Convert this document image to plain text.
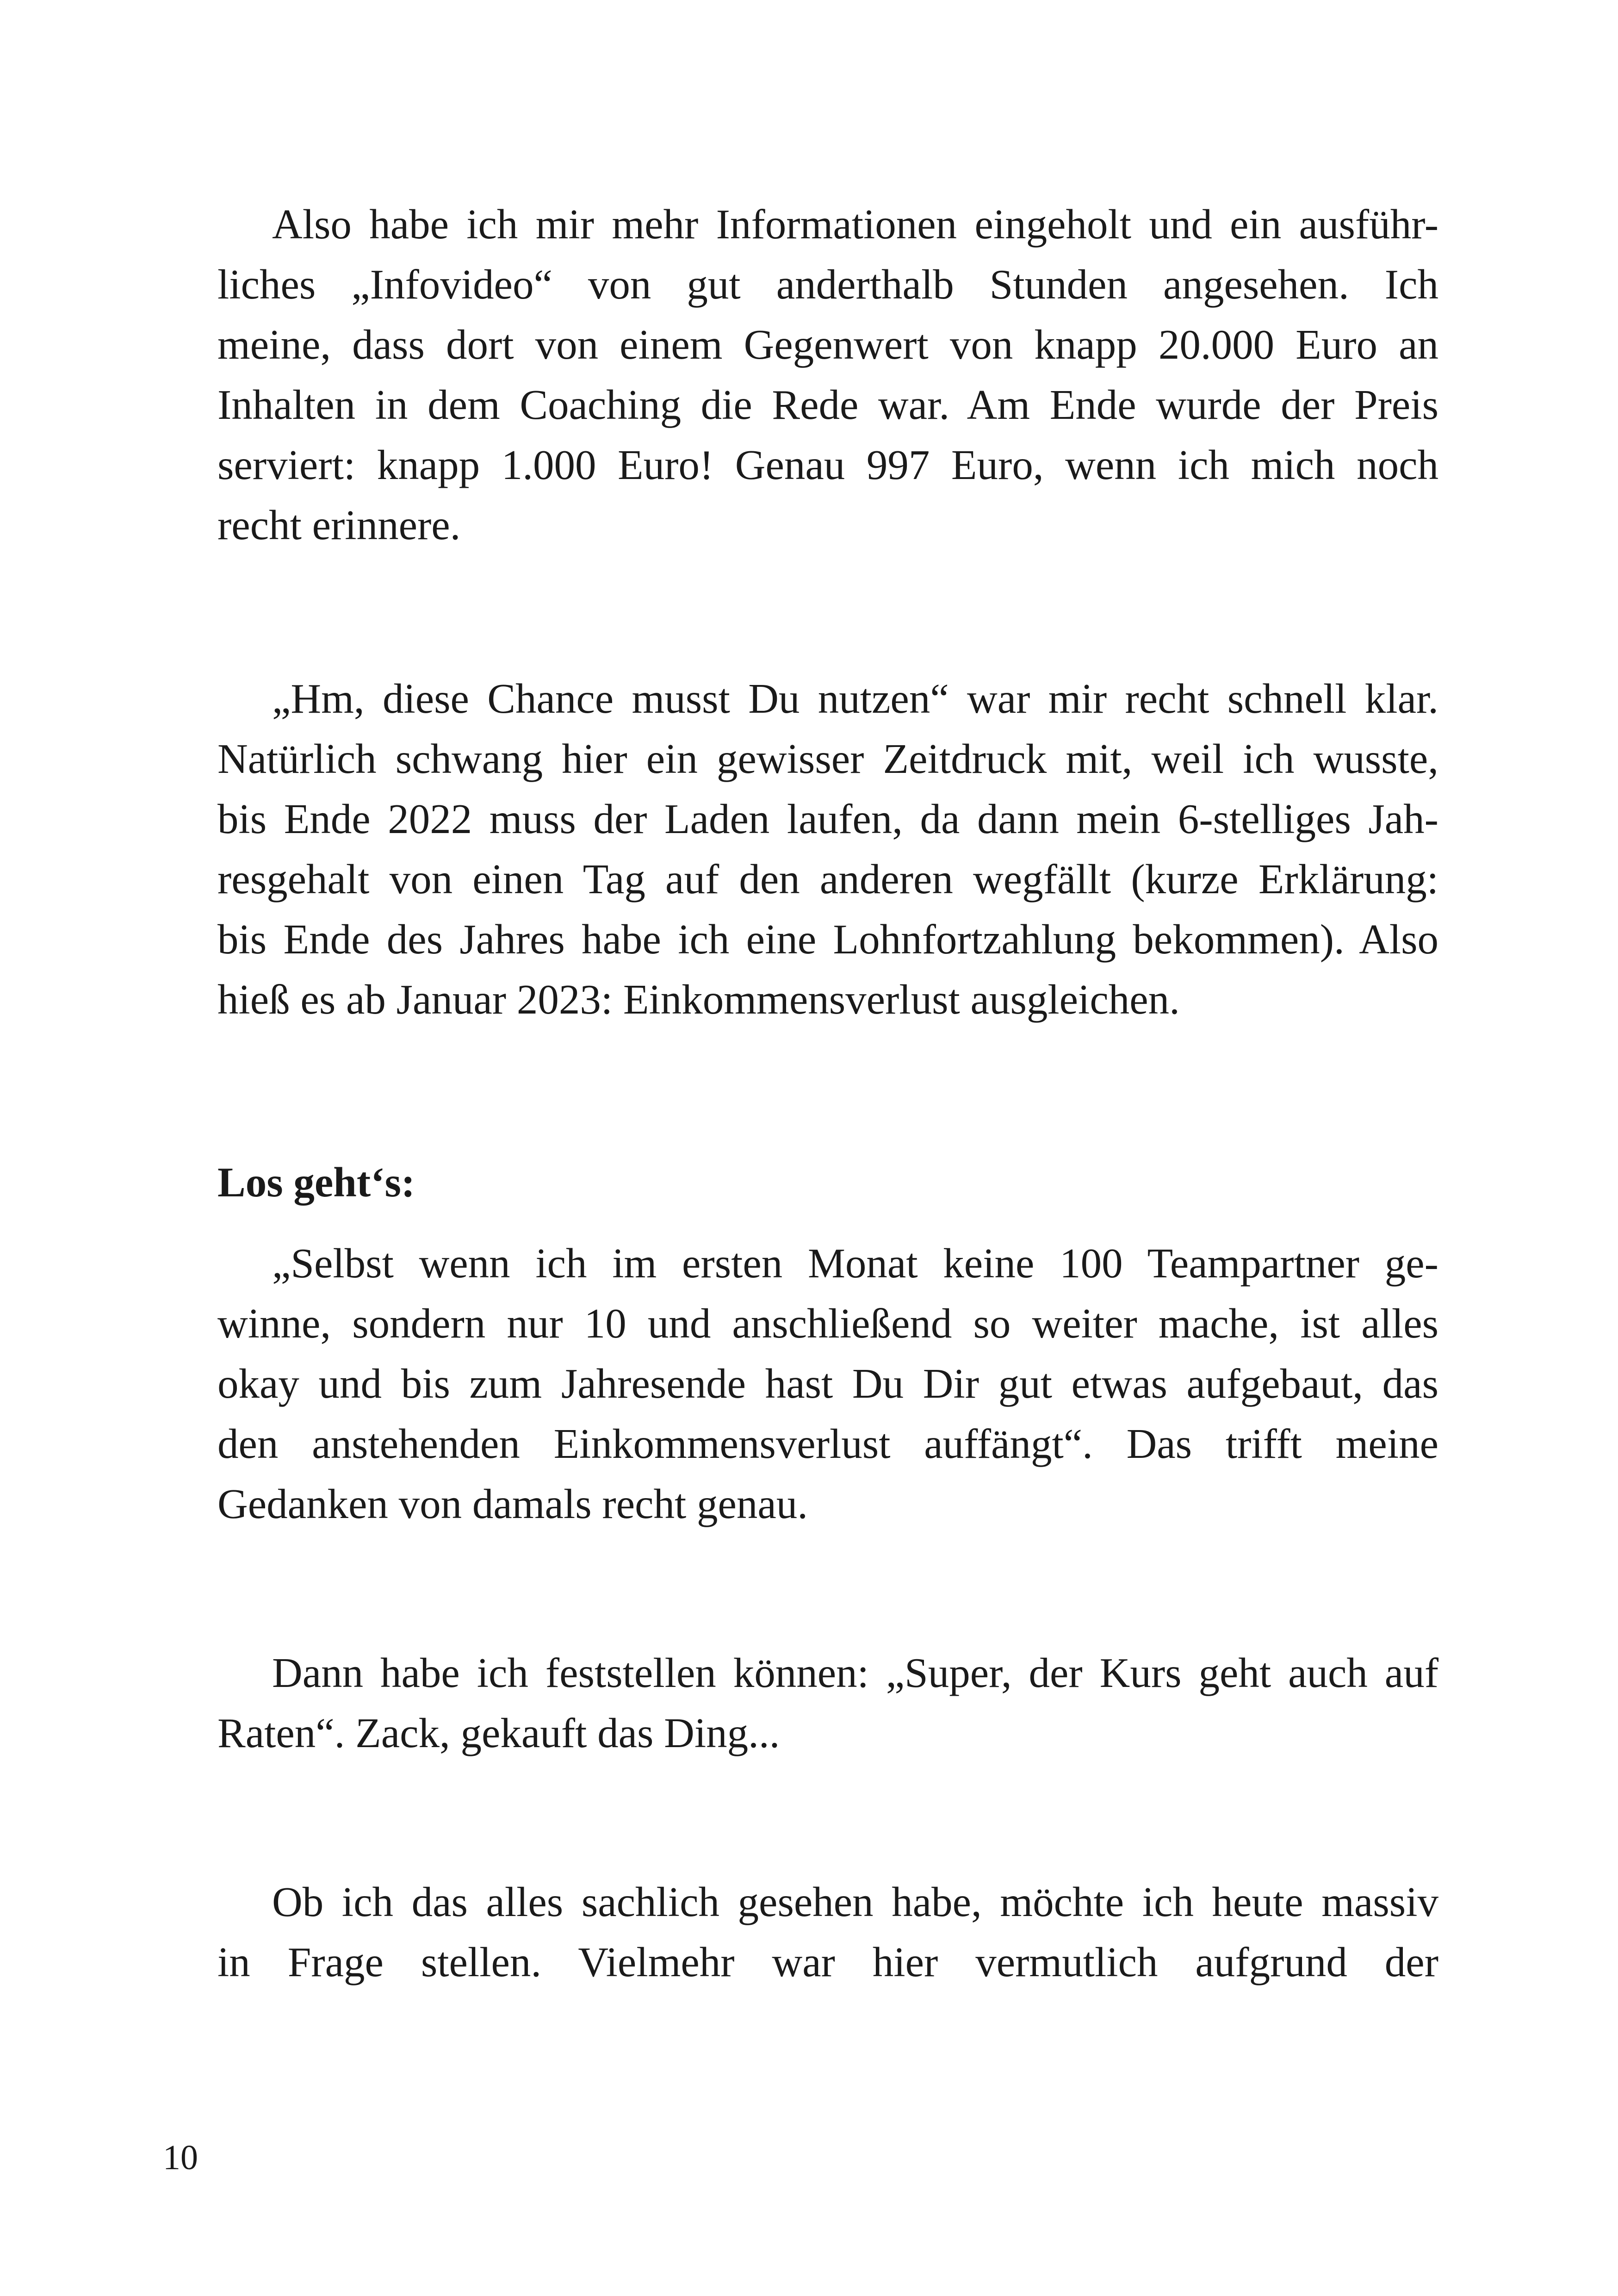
Also habe ich mir mehr Informationen eingeholt und ein ausführ-
liches „Infovideo“ von gut anderthalb Stunden angesehen. Ich
meine, dass dort von einem Gegenwert von knapp 20.000 Euro an
Inhalten in dem Coaching die Rede war. Am Ende wurde der Preis
serviert: knapp 1.000 Euro! Genau 997 Euro, wenn ich mich noch
recht erinnere.
„Hm, diese Chance musst Du nutzen“ war mir recht schnell klar.
Natürlich schwang hier ein gewisser Zeitdruck mit, weil ich wusste,
bis Ende 2022 muss der Laden laufen, da dann mein 6-stelliges Jah-
resgehalt von einen Tag auf den anderen wegfällt (kurze Erklärung:
bis Ende des Jahres habe ich eine Lohnfortzahlung bekommen). Also
hieß es ab Januar 2023: Einkommensverlust ausgleichen.
Los geht‘s:
„Selbst wenn ich im ersten Monat keine 100 Teampartner ge-
winne, sondern nur 10 und anschließend so weiter mache, ist alles
okay und bis zum Jahresende hast Du Dir gut etwas aufgebaut, das
den anstehenden Einkommensverlust auffängt“. Das trifft meine
Gedanken von damals recht genau.
Dann habe ich feststellen können: „Super, der Kurs geht auch auf
Raten“. Zack, gekauft das Ding...
Ob ich das alles sachlich gesehen habe, möchte ich heute massiv
in Frage stellen. Vielmehr war hier vermutlich aufgrund der
10
